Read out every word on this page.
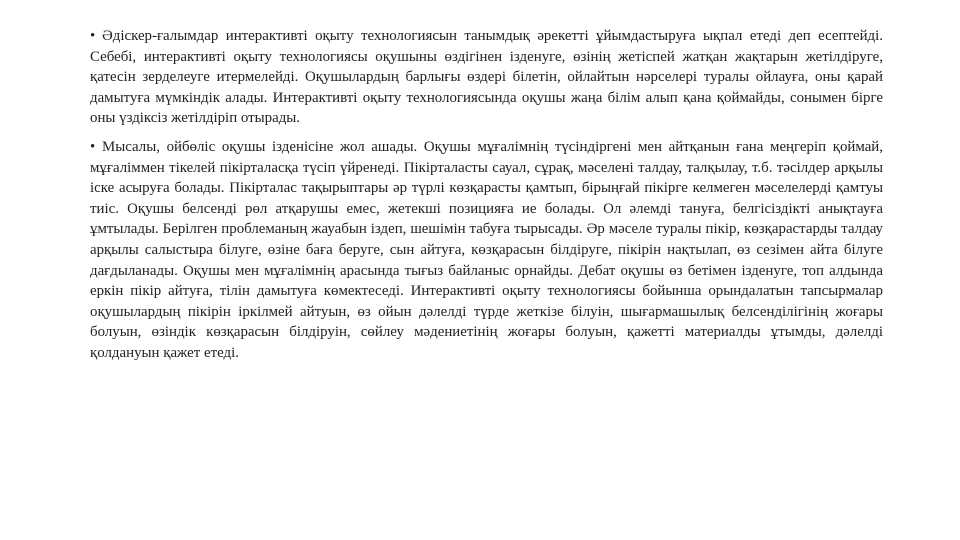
• Әдіскер-ғалымдар интерактивті оқыту технологиясын танымдық әрекетті ұйымдастыруға ықпал етеді деп есептейді. Себебі, интерактивті оқыту технологиясы оқушыны өздігінен ізденуге, өзінің жетіспей жатқан жақтарын жетілдіруге, қатесін зерделеуге итермелейді. Оқушылардың барлығы өздері білетін, ойлайтын нәрселері туралы ойлауға, оны қарай дамытуға мүмкіндік алады. Интерактивті оқыту технологиясында оқушы жаңа білім алып қана қоймайды, сонымен бірге оны үздіксіз жетілдіріп отырады.

• Мысалы, ойбөліс оқушы ізденісіне жол ашады. Оқушы мұғалімнің түсіндіргені мен айтқанын ғана меңгеріп қоймай, мұғаліммен тікелей пікірталасқа түсіп үйренеді. Пікірталасты сауал, сұрақ, мәселені талдау, талқылау, т.б. тәсілдер арқылы іске асыруға болады. Пікірталас тақырыптары әр түрлі көзқарасты қамтып, бірыңғай пікірге келмеген мәселелерді қамтуы тиіс. Оқушы белсенді рөл атқарушы емес, жетекші позицияға ие болады. Ол әлемді тануға, белгісіздікті анықтауға ұмтылады. Берілген проблеманың жауабын іздеп, шешімін табуға тырысады. Әр мәселе туралы пікір, көзқарастарды талдау арқылы салыстыра білуге, өзіне баға беруге, сын айтуға, көзқарасын білдіруге, пікірін нақтылап, өз сезімен айта білуге дағдыланады. Оқушы мен мұғалімнің арасында тығыз байланыс орнайды. Дебат оқушы өз бетімен ізденуге, топ алдында еркін пікір айтуға, тілін дамытуға көмектеседі. Интерактивті оқыту технологиясы бойынша орындалатын тапсырмалар оқушылардың пікірін іркілмей айтуын, өз ойын дәлелді түрде жеткізе білуін, шығармашылық белсенділігінің жоғары болуын, өзіндік көзқарасын білдіруін, сөйлеу мәдениетінің жоғары болуын, қажетті материалды ұтымды, дәлелді қолдануын қажет етеді.
